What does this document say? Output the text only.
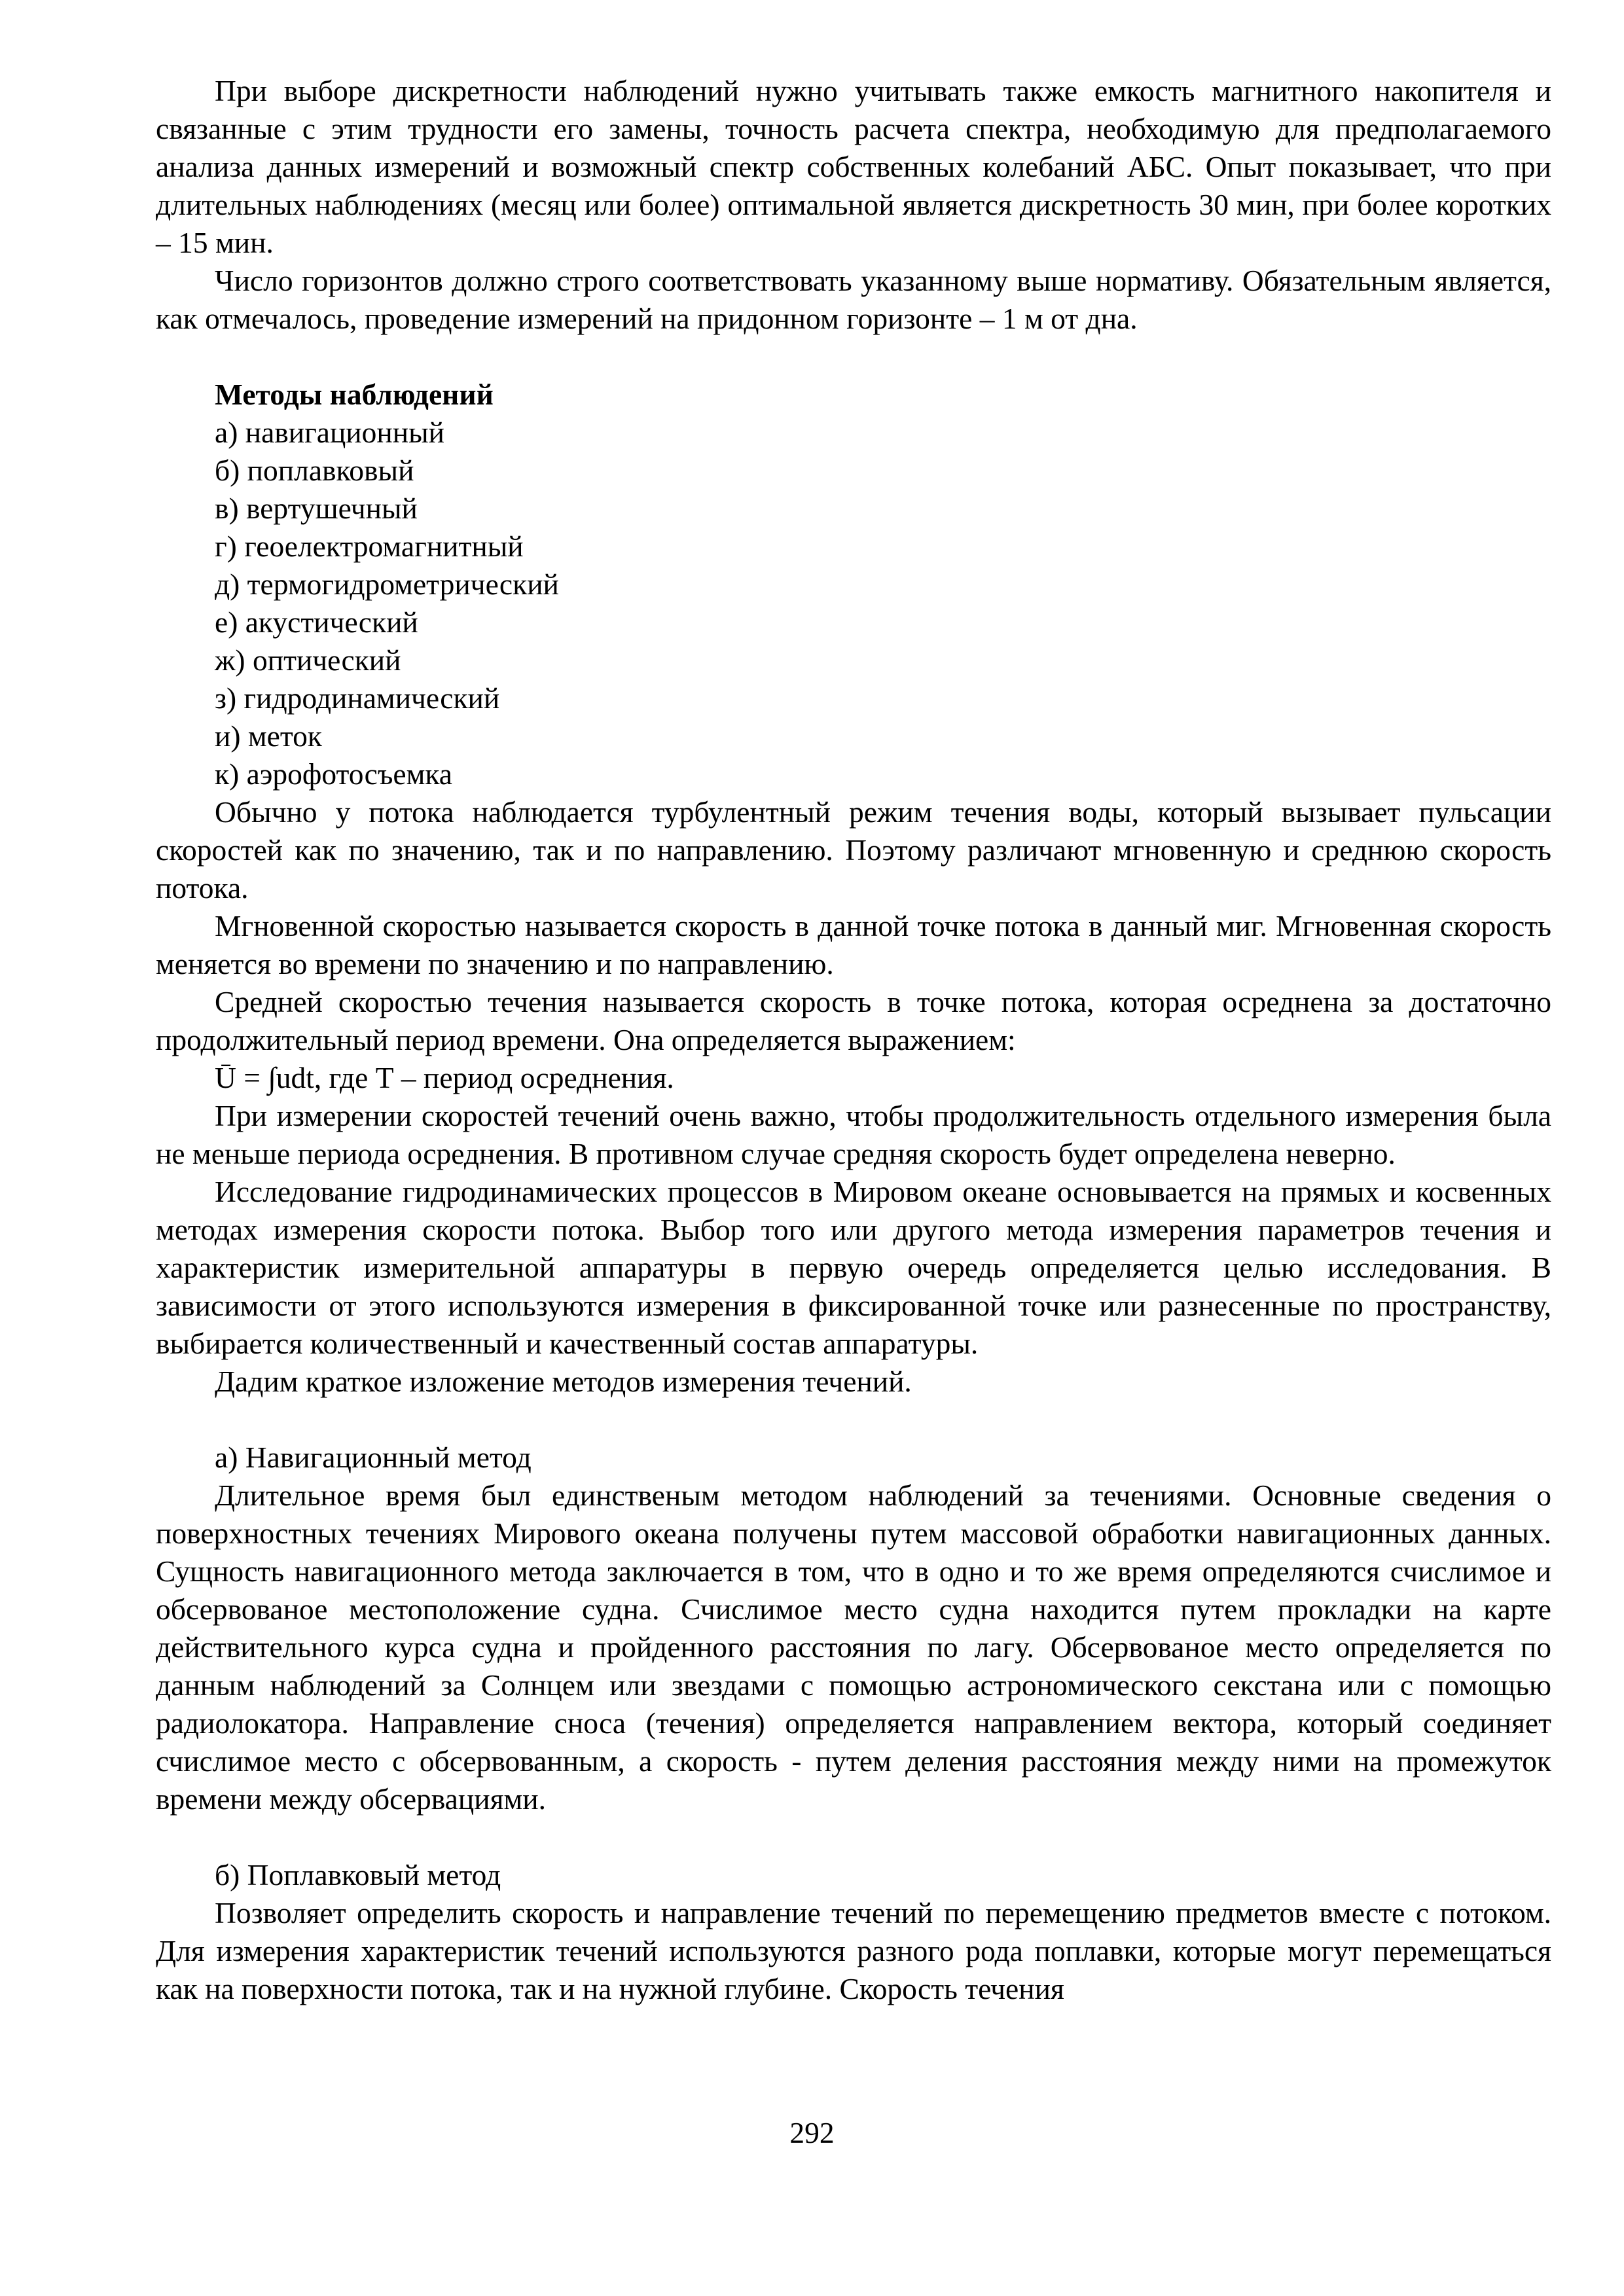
При выборе дискретности наблюдений нужно учитывать также емкость магнитного накопителя и связанные с этим трудности его замены, точность расчета спектра, необходимую для предполагаемого анализа данных измерений и возможный спектр собственных колебаний АБС. Опыт показывает, что при длительных наблюдениях (месяц или более) оптимальной является дискретность 30 мин, при более коротких – 15 мин.

Число горизонтов должно строго соответствовать указанному выше нормативу. Обязательным является, как отмечалось, проведение измерений на придонном горизонте – 1 м от дна.

Методы наблюдений
а) навигационный
б) поплавковый
в) вертушечный
г) геоелектромагнитный
д) термогидрометрический
е) акустический
ж) оптический
з) гидродинамический
и) меток
к) аэрофотосъемка

Обычно у потока наблюдается турбулентный режим течения воды, который вызывает пульсации скоростей как по значению, так и по направлению. Поэтому различают мгновенную и среднюю скорость потока.

Мгновенной скоростью называется скорость в данной точке потока в данный миг. Мгновенная скорость меняется во времени по значению и по направлению.

Средней скоростью течения называется скорость в точке потока, которая осреднена за достаточно продолжительный период времени. Она определяется выражением:

Ū = ∫udt, где Т – период осреднения.

При измерении скоростей течений очень важно, чтобы продолжительность отдельного измерения была не меньше периода осреднения. В противном случае средняя скорость будет определена неверно.

Исследование гидродинамических процессов в Мировом океане основывается на прямых и косвенных методах измерения скорости потока. Выбор того или другого метода измерения параметров течения и характеристик измерительной аппаратуры в первую очередь определяется целью исследования. В зависимости от этого используются измерения в фиксированной точке или разнесенные по пространству, выбирается количественный и качественный состав аппаратуры.

Дадим краткое изложение методов измерения течений.

а) Навигационный метод

Длительное время был единственым методом наблюдений за течениями. Основные сведения о поверхностных течениях Мирового океана получены путем массовой обработки навигационных данных. Сущность навигационного метода заключается в том, что в одно и то же время определяются счислимое и обсервованое местоположение судна. Счислимое место судна находится путем прокладки на карте действительного курса судна и пройденного расстояния по лагу. Обсервованое место определяется по данным наблюдений за Солнцем или звездами с помощью астрономического секстана или с помощью радиолокатора. Направление сноса (течения) определяется направлением вектора, который соединяет счислимое место с обсервованным, а скорость - путем деления расстояния между ними на промежуток времени между обсервациями.

б) Поплавковый метод

Позволяет определить скорость и направление течений по перемещению предметов вместе с потоком. Для измерения характеристик течений используются разного рода поплавки, которые могут перемещаться как на поверхности потока, так и на нужной глубине. Скорость течения

292
